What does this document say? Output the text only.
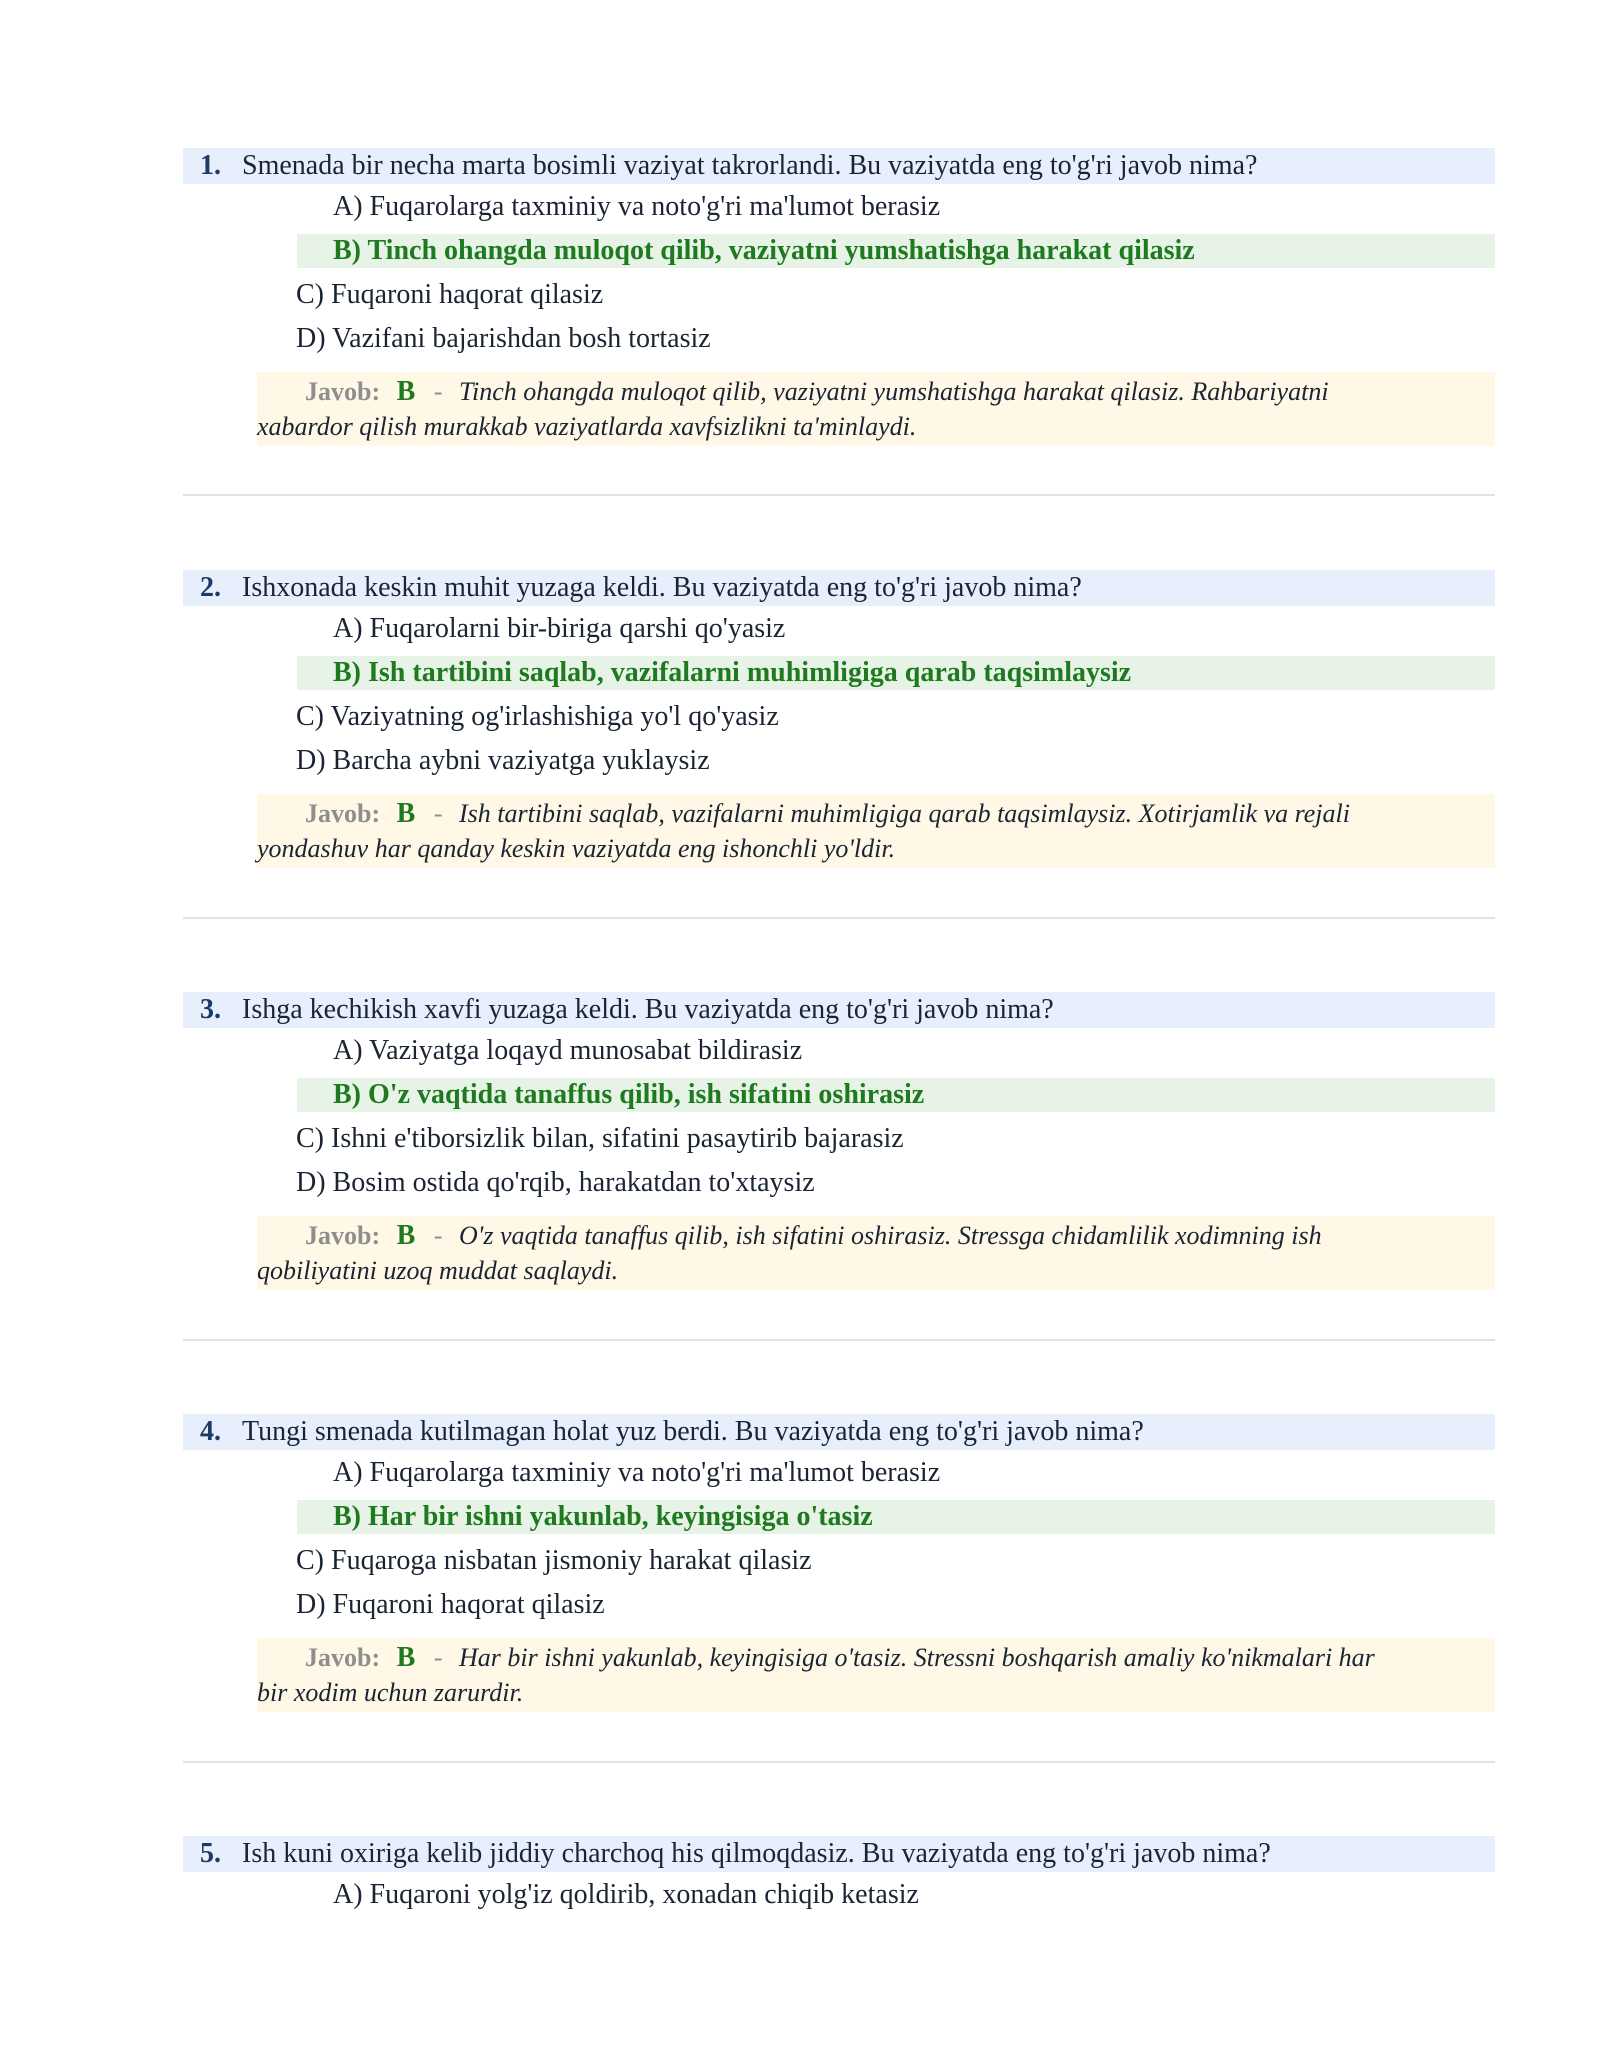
1. Smenada bir necha marta bosimli vaziyat takrorlandi. Bu vaziyatda eng to'g'ri javob nima?
A) Fuqarolarga taxminiy va noto'g'ri ma'lumot berasiz
B) Tinch ohangda muloqot qilib, vaziyatni yumshatishga harakat qilasiz
C) Fuqaroni haqorat qilasiz
D) Vazifani bajarishdan bosh tortasiz
Javob: B - Tinch ohangda muloqot qilib, vaziyatni yumshatishga harakat qilasiz. Rahbariyatni
xabardor qilish murakkab vaziyatlarda xavfsizlikni ta'minlaydi.
2. Ishxonada keskin muhit yuzaga keldi. Bu vaziyatda eng to'g'ri javob nima?
A) Fuqarolarni bir-biriga qarshi qo'yasiz
B) Ish tartibini saqlab, vazifalarni muhimligiga qarab taqsimlaysiz
C) Vaziyatning og'irlashishiga yo'l qo'yasiz
D) Barcha aybni vaziyatga yuklaysiz
Javob: B - Ish tartibini saqlab, vazifalarni muhimligiga qarab taqsimlaysiz. Xotirjamlik va rejali
yondashuv har qanday keskin vaziyatda eng ishonchli yo'ldir.
3. Ishga kechikish xavfi yuzaga keldi. Bu vaziyatda eng to'g'ri javob nima?
A) Vaziyatga loqayd munosabat bildirasiz
B) O'z vaqtida tanaffus qilib, ish sifatini oshirasiz
C) Ishni e'tiborsizlik bilan, sifatini pasaytirib bajarasiz
D) Bosim ostida qo'rqib, harakatdan to'xtaysiz
Javob: B - O'z vaqtida tanaffus qilib, ish sifatini oshirasiz. Stressga chidamlilik xodimning ish
qobiliyatini uzoq muddat saqlaydi.
4. Tungi smenada kutilmagan holat yuz berdi. Bu vaziyatda eng to'g'ri javob nima?
A) Fuqarolarga taxminiy va noto'g'ri ma'lumot berasiz
B) Har bir ishni yakunlab, keyingisiga o'tasiz
C) Fuqaroga nisbatan jismoniy harakat qilasiz
D) Fuqaroni haqorat qilasiz
Javob: B - Har bir ishni yakunlab, keyingisiga o'tasiz. Stressni boshqarish amaliy ko'nikmalari har
bir xodim uchun zarurdir.
5. Ish kuni oxiriga kelib jiddiy charchoq his qilmoqdasiz. Bu vaziyatda eng to'g'ri javob nima?
A) Fuqaroni yolg'iz qoldirib, xonadan chiqib ketasiz
